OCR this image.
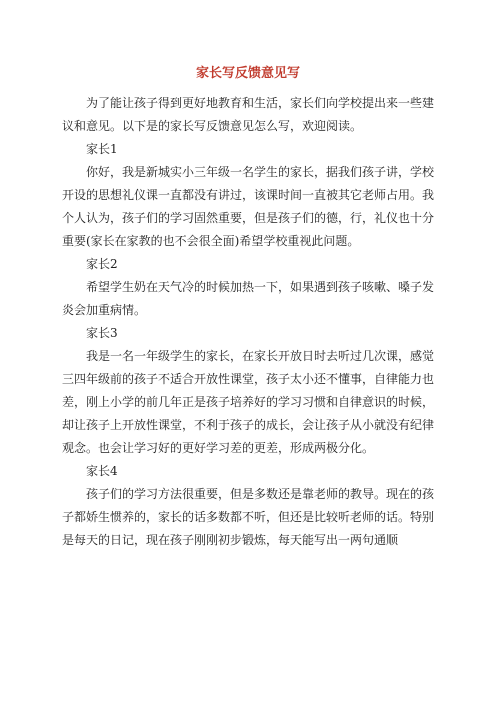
家长写反馈意见写

为了能让孩子得到更好地教育和生活，家长们向学校提出来一些建议和意见。以下是的家长写反馈意见怎么写，欢迎阅读。

家长1

你好，我是新城实小三年级一名学生的家长，据我们孩子讲，学校开设的思想礼仪课一直都没有讲过，该课时间一直被其它老师占用。我个人认为，孩子们的学习固然重要，但是孩子们的德，行，礼仪也十分重要(家长在家教的也不会很全面)希望学校重视此问题。

家长2

希望学生奶在天气冷的时候加热一下，如果遇到孩子咳嗽、嗓子发炎会加重病情。

家长3

我是一名一年级学生的家长，在家长开放日时去听过几次课，感觉三四年级前的孩子不适合开放性课堂，孩子太小还不懂事，自律能力也差，刚上小学的前几年正是孩子培养好的学习习惯和自律意识的时候，却让孩子上开放性课堂，不利于孩子的成长，会让孩子从小就没有纪律观念。也会让学习好的更好学习差的更差，形成两极分化。

家长4

孩子们的学习方法很重要，但是多数还是靠老师的教导。现在的孩子都娇生惯养的，家长的话多数都不听，但还是比较听老师的话。特别是每天的日记，现在孩子刚刚初步锻炼，每天能写出一两句通顺
